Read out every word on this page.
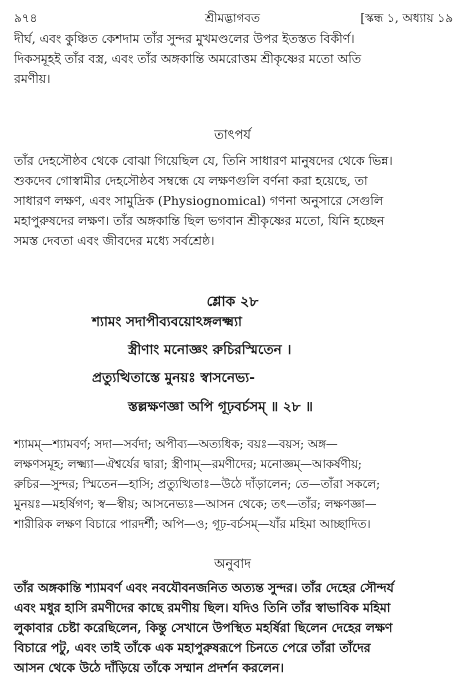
৯৭৪	শ্রীমদ্ভাগবত	[স্কন্ধ ১, অধ্যায় ১৯

দীর্ঘ, এবং কুঞ্চিত কেশদাম তাঁর সুন্দর মুখমণ্ডলের উপর ইতস্তত বিকীর্ণ।

দিকসমূহই তাঁর বস্ত্র, এবং তাঁর অঙ্গকান্তি অমরোত্তম শ্রীকৃষ্ণের মতো অতি

রমণীয়।

তাৎপর্য

তাঁর দেহসৌষ্ঠব থেকে বোঝা গিয়েছিল যে, তিনি সাধারণ মানুষদের থেকে ভিন্ন।

শুকদেব গোস্বামীর দেহসৌষ্ঠব সম্বন্ধে যে লক্ষণগুলি বর্ণনা করা হয়েছে, তা

সাধারণ লক্ষণ, এবং সামুদ্রিক (Physiognomical) গণনা অনুসারে সেগুলি

মহাপুরুষদের লক্ষণ। তাঁর অঙ্গকান্তি ছিল ভগবান শ্রীকৃষ্ণের মতো, যিনি হচ্ছেন

সমস্ত দেবতা এবং জীবদের মধ্যে সর্বশ্রেষ্ঠ।

শ্লোক ২৮

শ্যামং সদাপীব্যবয়োঽঙ্গলক্ষ্ম্যা

স্ত্রীণাং মনোজ্ঞং রুচিরস্মিতেন ।

প্রত্যুত্থিতাস্তে মুনয়ঃ স্বাসনেভ্য-

স্তল্লক্ষণজ্ঞা অপি গূঢ়বর্চসম্ ॥ ২৮ ॥

শ্যামম্—শ্যামবর্ণ; সদা—সর্বদা; অপীব্য—অত্যধিক; বয়ঃ—বয়স; অঙ্গ—

লক্ষণসমূহ; লক্ষ্ম্যা—ঐশ্বর্যের দ্বারা; স্ত্রীণাম্—রমণীদের; মনোজ্ঞম্—আকর্ষণীয়;

রুচির—সুন্দর; স্মিতেন—হাসি; প্রত্যুত্থিতাঃ—উঠে দাঁড়ালেন; তে—তাঁরা সকলে;

মুনয়ঃ—মহর্ষিগণ; স্ব—স্বীয়; আসনেভ্যঃ—আসন থেকে; তৎ—তাঁর; লক্ষণজ্ঞা—

শারীরিক লক্ষণ বিচারে পারদর্শী; অপি—ও; গূঢ়-বর্চসম্—যাঁর মহিমা আচ্ছাদিত।

অনুবাদ

তাঁর অঙ্গকান্তি শ্যামবর্ণ এবং নবযৌবনজনিত অত্যন্ত সুন্দর। তাঁর দেহের সৌন্দর্য

এবং মধুর হাসি রমণীদের কাছে রমণীয় ছিল। যদিও তিনি তাঁর স্বাভাবিক মহিমা

লুকাবার চেষ্টা করেছিলেন, কিন্তু সেখানে উপস্থিত মহর্ষিরা ছিলেন দেহের লক্ষণ

বিচারে পটু, এবং তাই তাঁকে এক মহাপুরুষরূপে চিনতে পেরে তাঁরা তাঁদের

আসন থেকে উঠে দাঁড়িয়ে তাঁকে সম্মান প্রদর্শন করলেন।
